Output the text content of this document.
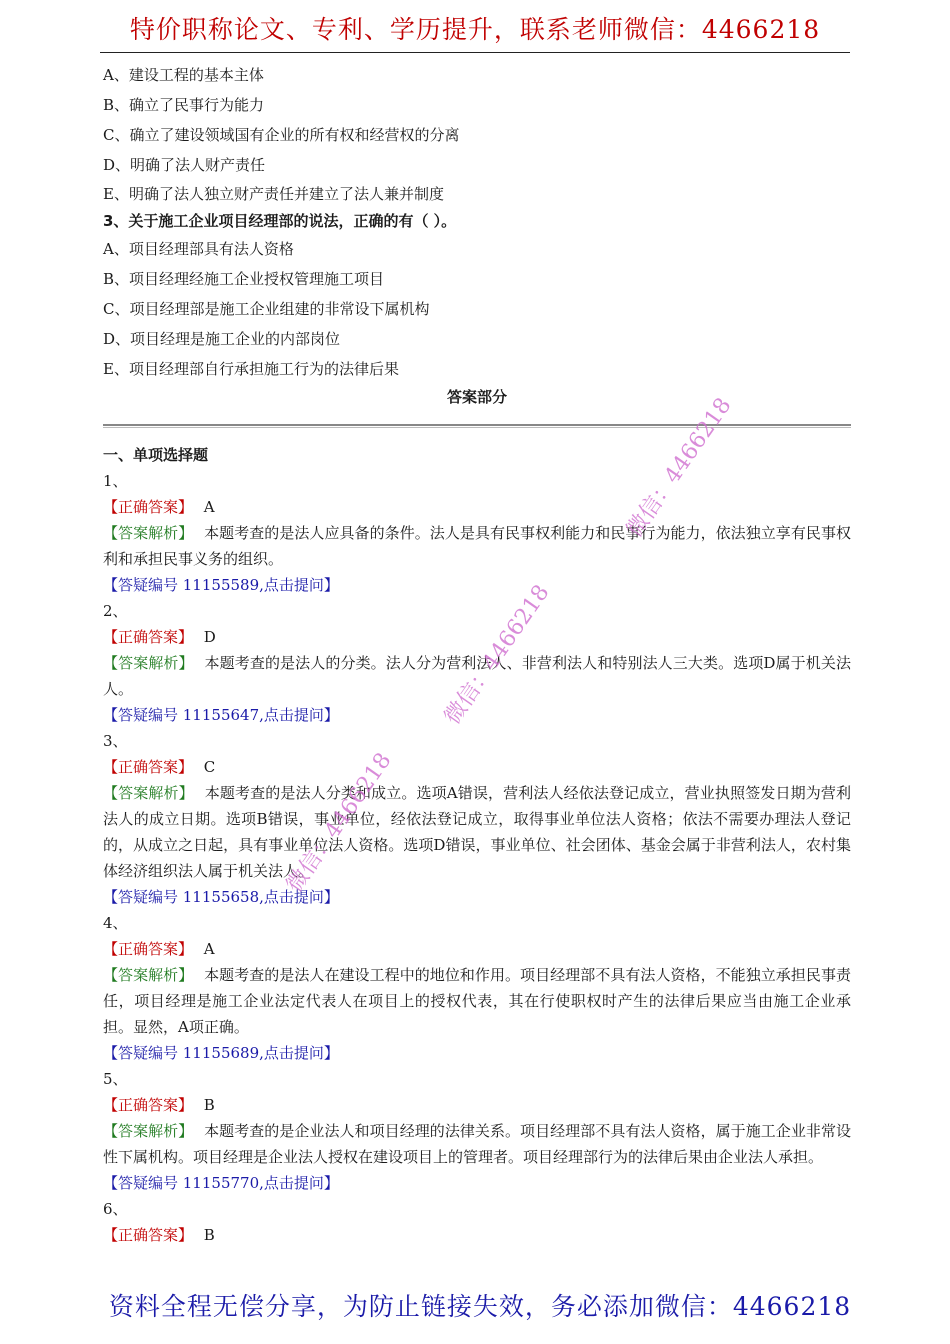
特价职称论文、专利、学历提升，联系老师微信：4466218
A、建设工程的基本主体
B、确立了民事行为能力
C、确立了建设领域国有企业的所有权和经营权的分离
D、明确了法人财产责任
E、明确了法人独立财产责任并建立了法人兼并制度
3、关于施工企业项目经理部的说法，正确的有（ ）。
A、项目经理部具有法人资格
B、项目经理经施工企业授权管理施工项目
C、项目经理部是施工企业组建的非常设下属机构
D、项目经理是施工企业的内部岗位
E、项目经理部自行承担施工行为的法律后果
答案部分
一、单项选择题
1、
【正确答案】 A
【答案解析】 本题考查的是法人应具备的条件。法人是具有民事权利能力和民事行为能力，依法独立享有民事权利和承担民事义务的组织。
【答疑编号 11155589,点击提问】
2、
【正确答案】 D
【答案解析】 本题考查的是法人的分类。法人分为营利法人、非营利法人和特别法人三大类。选项D属于机关法人。
【答疑编号 11155647,点击提问】
3、
【正确答案】 C
【答案解析】 本题考查的是法人分类和成立。选项A错误，营利法人经依法登记成立，营业执照签发日期为营利法人的成立日期。选项B错误，事业单位，经依法登记成立，取得事业单位法人资格；依法不需要办理法人登记的，从成立之日起，具有事业单位法人资格。选项D错误，事业单位、社会团体、基金会属于非营利法人，农村集体经济组织法人属于机关法人。
【答疑编号 11155658,点击提问】
4、
【正确答案】 A
【答案解析】 本题考查的是法人在建设工程中的地位和作用。项目经理部不具有法人资格，不能独立承担民事责任，项目经理是施工企业法定代表人在项目上的授权代表，其在行使职权时产生的法律后果应当由施工企业承担。显然，A项正确。
【答疑编号 11155689,点击提问】
5、
【正确答案】 B
【答案解析】 本题考查的是企业法人和项目经理的法律关系。项目经理部不具有法人资格，属于施工企业非常设性下属机构。项目经理是企业法人授权在建设项目上的管理者。项目经理部行为的法律后果由企业法人承担。
【答疑编号 11155770,点击提问】
6、
【正确答案】 B
微信：4466218
微信：4466218
微信：4466218
资料全程无偿分享，为防止链接失效，务必添加微信：4466218
